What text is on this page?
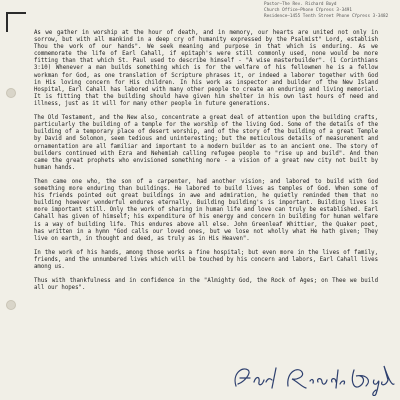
Pastor—The Rev. Richard Boyd
Church Office—Phone CYpress 3-3491
Residence—1455 Tenth Street Phone CYpress 3-3482

As we gather in worship at the hour of death, and in memory, our hearts are united not only in sorrow, but with all mankind in a deep cry of humanity expressed by the Psalmist" Lord, establish Thou the work of our hands". We seek meaning and purpose in that which is enduring. As we commemorate the life of Earl Cahall, if epitaph's were still commonly used, none would be more fitting than that which St. Paul used to describe himself - "A wise masterbuilder". (1 Corinthians 3:10) Whenever a man builds something which is for the welfare of his fellowmen he is a fellow workman for God, as one translation of Scripture phrases it, or indeed a laborer together with God in His loving concern for His children. In his work as inspector and builder of the New Island Hospital, Earl Cahall has labored with many other people to create an enduring and living memorial. It is fitting that the building should have given him shelter in his own last hours of need and illness, just as it will for many other people in future generations.

The Old Testament, and the New also, concentrate a great deal of attention upon the building crafts, particularly the building of a temple for the worship of the living God. Some of the details of the building of a temporary place of desert worship, and of the story of the building of a great Temple by David and Solomon, seem tedious and uninteresting; but the meticulous details of measurement and ornamentation are all familiar and important to a modern builder as to an ancient one. The story of builders continued with Ezra and Nehemiah calling refugee people to "rise up and build". And then came the great prophets who envisioned something more - a vision of a great new city not built by human hands.

Then came one who, the son of a carpenter, had another vision; and labored to build with God something more enduring than buildings. He labored to build lives as temples of God. When some of his friends pointed out great buildings in awe and admiration, he quietly reminded them that no building however wonderful endures eternally. Building building's is important. Building lives is more important still. Only the work of sharing in human life and love can truly be established. Earl Cahall has given of himself; his expenditure of his energy and concern in building for human welfare is a way of building life. This endures above all else. John Greenleaf Whittier, the Quaker poet, has written in a hymn "God calls our loved ones, but we lose not wholly what He hath given; They live on earth, in thought and deed, as truly as in His Heaven".

In the work of his hands, among those works a fine hospital; but even more in the lives of family, friends, and the unnumbered lives which will be touched by his concern and labors, Earl Cahall lives among us.

Thus with thankfulness and in confidence in the "Almighty God, the Rock of Ages; on Thee we build all our hopes".
